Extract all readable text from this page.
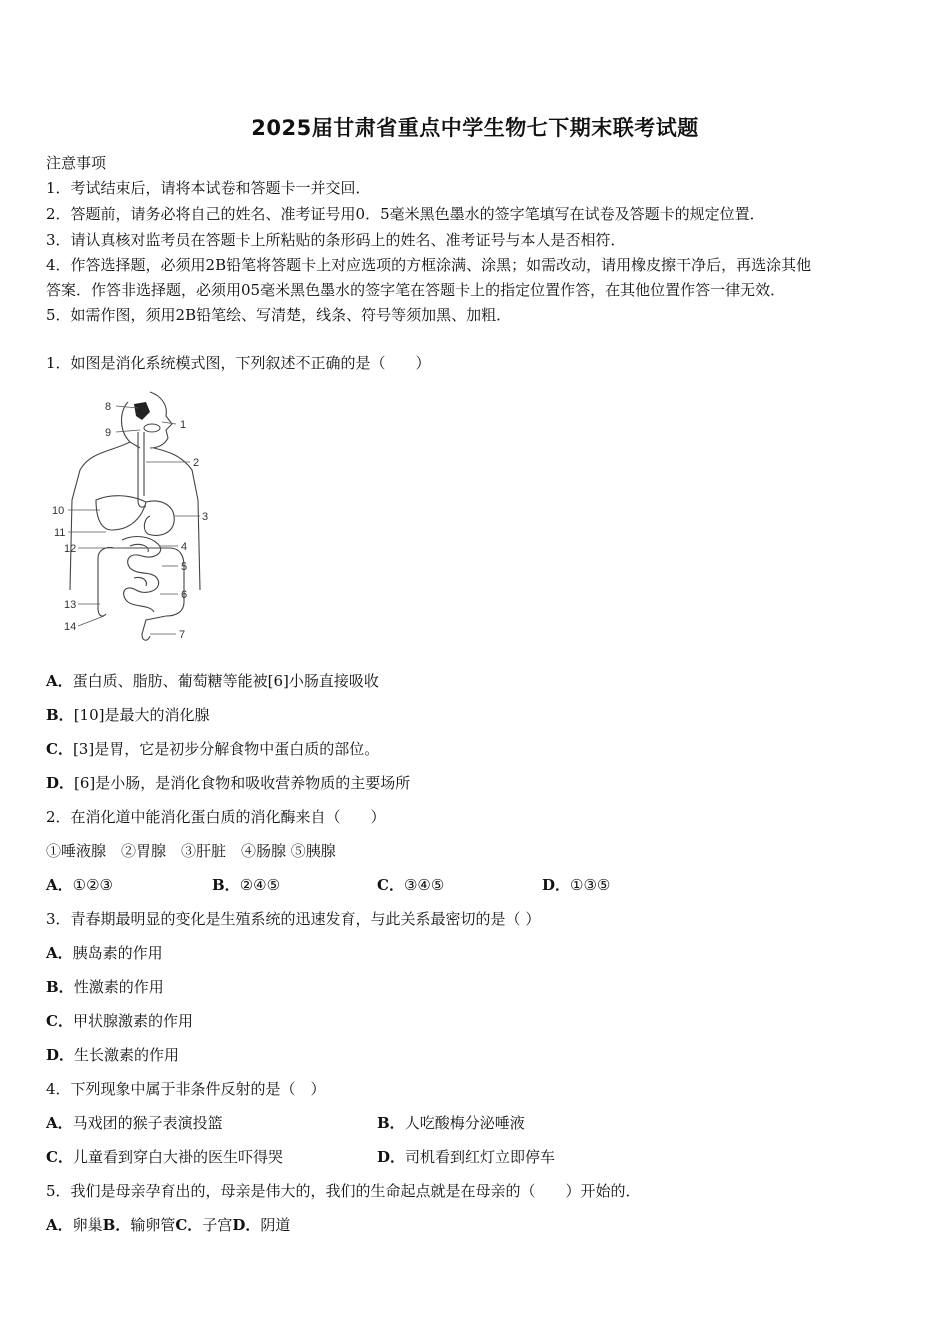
2025届甘肃省重点中学生物七下期末联考试题
注意事项
1．考试结束后，请将本试卷和答题卡一并交回．
2．答题前，请务必将自己的姓名、准考证号用0．5毫米黑色墨水的签字笔填写在试卷及答题卡的规定位置．
3．请认真核对监考员在答题卡上所粘贴的条形码上的姓名、准考证号与本人是否相符．
4．作答选择题，必须用2B铅笔将答题卡上对应选项的方框涂满、涂黑；如需改动，请用橡皮擦干净后，再选涂其他
答案．作答非选择题，必须用05毫米黑色墨水的签字笔在答题卡上的指定位置作答，在其他位置作答一律无效．
5．如需作图，须用2B铅笔绘、写清楚，线条、符号等须加黑、加粗．
1．如图是消化系统模式图，下列叙述不正确的是（　　）
1
2
3
4
5
6
7
8
9
10
11
12
13
14
A．蛋白质、脂肪、葡萄糖等能被[6]小肠直接吸收
B．[10]是最大的消化腺
C．[3]是胃，它是初步分解食物中蛋白质的部位。
D．[6]是小肠，是消化食物和吸收营养物质的主要场所
2．在消化道中能消化蛋白质的消化酶来自（　　）
①唾液腺　②胃腺　③肝脏　④肠腺 ⑤胰腺
A．①②③	B．②④⑤	C．③④⑤	D．①③⑤
3．青春期最明显的变化是生殖系统的迅速发育，与此关系最密切的是（ ）
A．胰岛素的作用
B．性激素的作用
C．甲状腺激素的作用
D．生长激素的作用
4．下列现象中属于非条件反射的是（　）
A．马戏团的猴子表演投篮	B．人吃酸梅分泌唾液
C．儿童看到穿白大褂的医生吓得哭	D．司机看到红灯立即停车
5．我们是母亲孕育出的，母亲是伟大的，我们的生命起点就是在母亲的（　　）开始的．
A．卵巢B．输卵管C．子宫D．阴道
